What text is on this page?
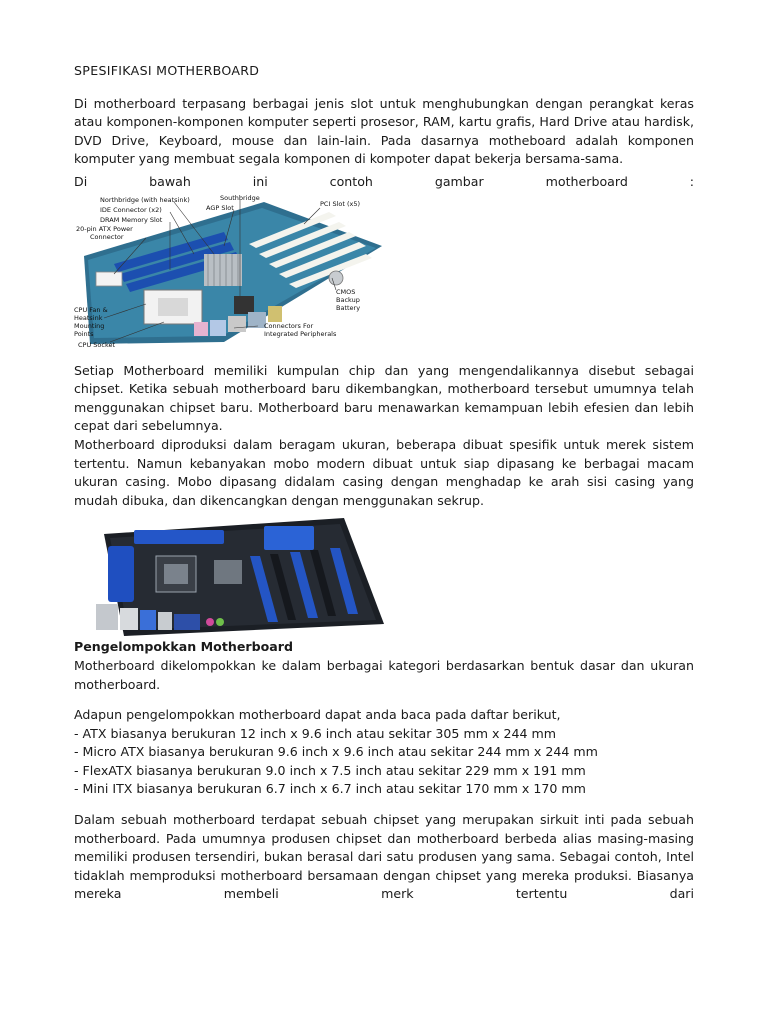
SPESIFIKASI MOTHERBOARD

Di motherboard terpasang berbagai jenis slot untuk menghubungkan dengan perangkat keras atau komponen-komponen komputer seperti prosesor, RAM, kartu grafis, Hard Drive atau hardisk, DVD Drive, Keyboard, mouse dan lain-lain. Pada dasarnya motheboard adalah komponen komputer yang membuat segala komponen di kompoter dapat bekerja bersama-sama.

Di bawah ini contoh gambar motherboard :

Northbridge (with heatsink)
IDE Connector (x2)
DRAM Memory Slot
20-pin ATX Power
Connector
Southbridge
AGP Slot	PCI Slot (x5)
CMOS
Backup
Battery
CPU Fan &
Heatsink
Mounting
Points
CPU Socket
Connectors For
Integrated Peripherals

Setiap Motherboard memiliki kumpulan chip dan yang mengendalikannya disebut sebagai chipset. Ketika sebuah motherboard baru dikembangkan, motherboard tersebut umumnya telah menggunakan chipset baru. Motherboard baru menawarkan kemampuan lebih efesien dan lebih cepat dari sebelumnya.

Motherboard diproduksi dalam beragam ukuran, beberapa dibuat spesifik untuk merek sistem tertentu. Namun kebanyakan mobo modern dibuat untuk siap dipasang ke berbagai macam ukuran casing. Mobo dipasang didalam casing dengan menghadap ke arah sisi casing yang mudah dibuka, dan dikencangkan dengan menggunakan sekrup.

Pengelompokkan Motherboard

Motherboard dikelompokkan ke dalam berbagai kategori berdasarkan bentuk dasar dan ukuran motherboard.

Adapun pengelompokkan motherboard dapat anda baca pada daftar berikut,

- ATX biasanya berukuran 12 inch x 9.6 inch atau sekitar 305 mm x 244 mm
- Micro ATX biasanya berukuran 9.6 inch x 9.6 inch atau sekitar 244 mm x 244 mm
- FlexATX biasanya berukuran 9.0 inch x 7.5 inch atau sekitar 229 mm x 191 mm
- Mini ITX biasanya berukuran 6.7 inch x 6.7 inch atau sekitar 170 mm x 170 mm

Dalam sebuah motherboard terdapat sebuah chipset yang merupakan sirkuit inti pada sebuah motherboard. Pada umumnya produsen chipset dan motherboard berbeda alias masing-masing memiliki produsen tersendiri, bukan berasal dari satu produsen yang sama. Sebagai contoh, Intel tidaklah memproduksi motherboard bersamaan dengan chipset yang mereka produksi. Biasanya mereka membeli merk tertentu dari
